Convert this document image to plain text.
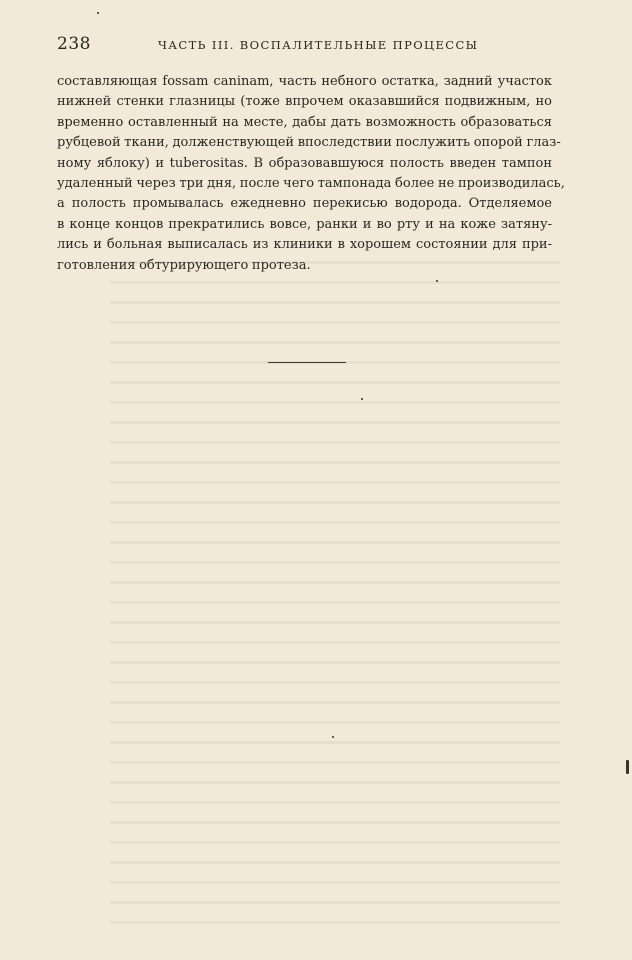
238	ЧАСТЬ III. ВОСПАЛИТЕЛЬНЫЕ ПРОЦЕССЫ
составляющая fossam caninam, часть небного остатка, задний участок
нижней стенки глазницы (тоже впрочем оказавшийся подвижным, но
временно оставленный на месте, дабы дать возможность образоваться
рубцевой ткани, долженствующей впоследствии послужить опорой глаз-
ному яблоку) и tuberositas. В образовавшуюся полость введен тампон
удаленный через три дня, после чего тампонада более не производилась,
а полость промывалась ежедневно перекисью водорода. Отделяемое
в конце концов прекратились вовсе, ранки и во рту и на коже затяну-
лись и больная выписалась из клиники в хорошем состоянии для при-
готовления обтурирующего протеза.
